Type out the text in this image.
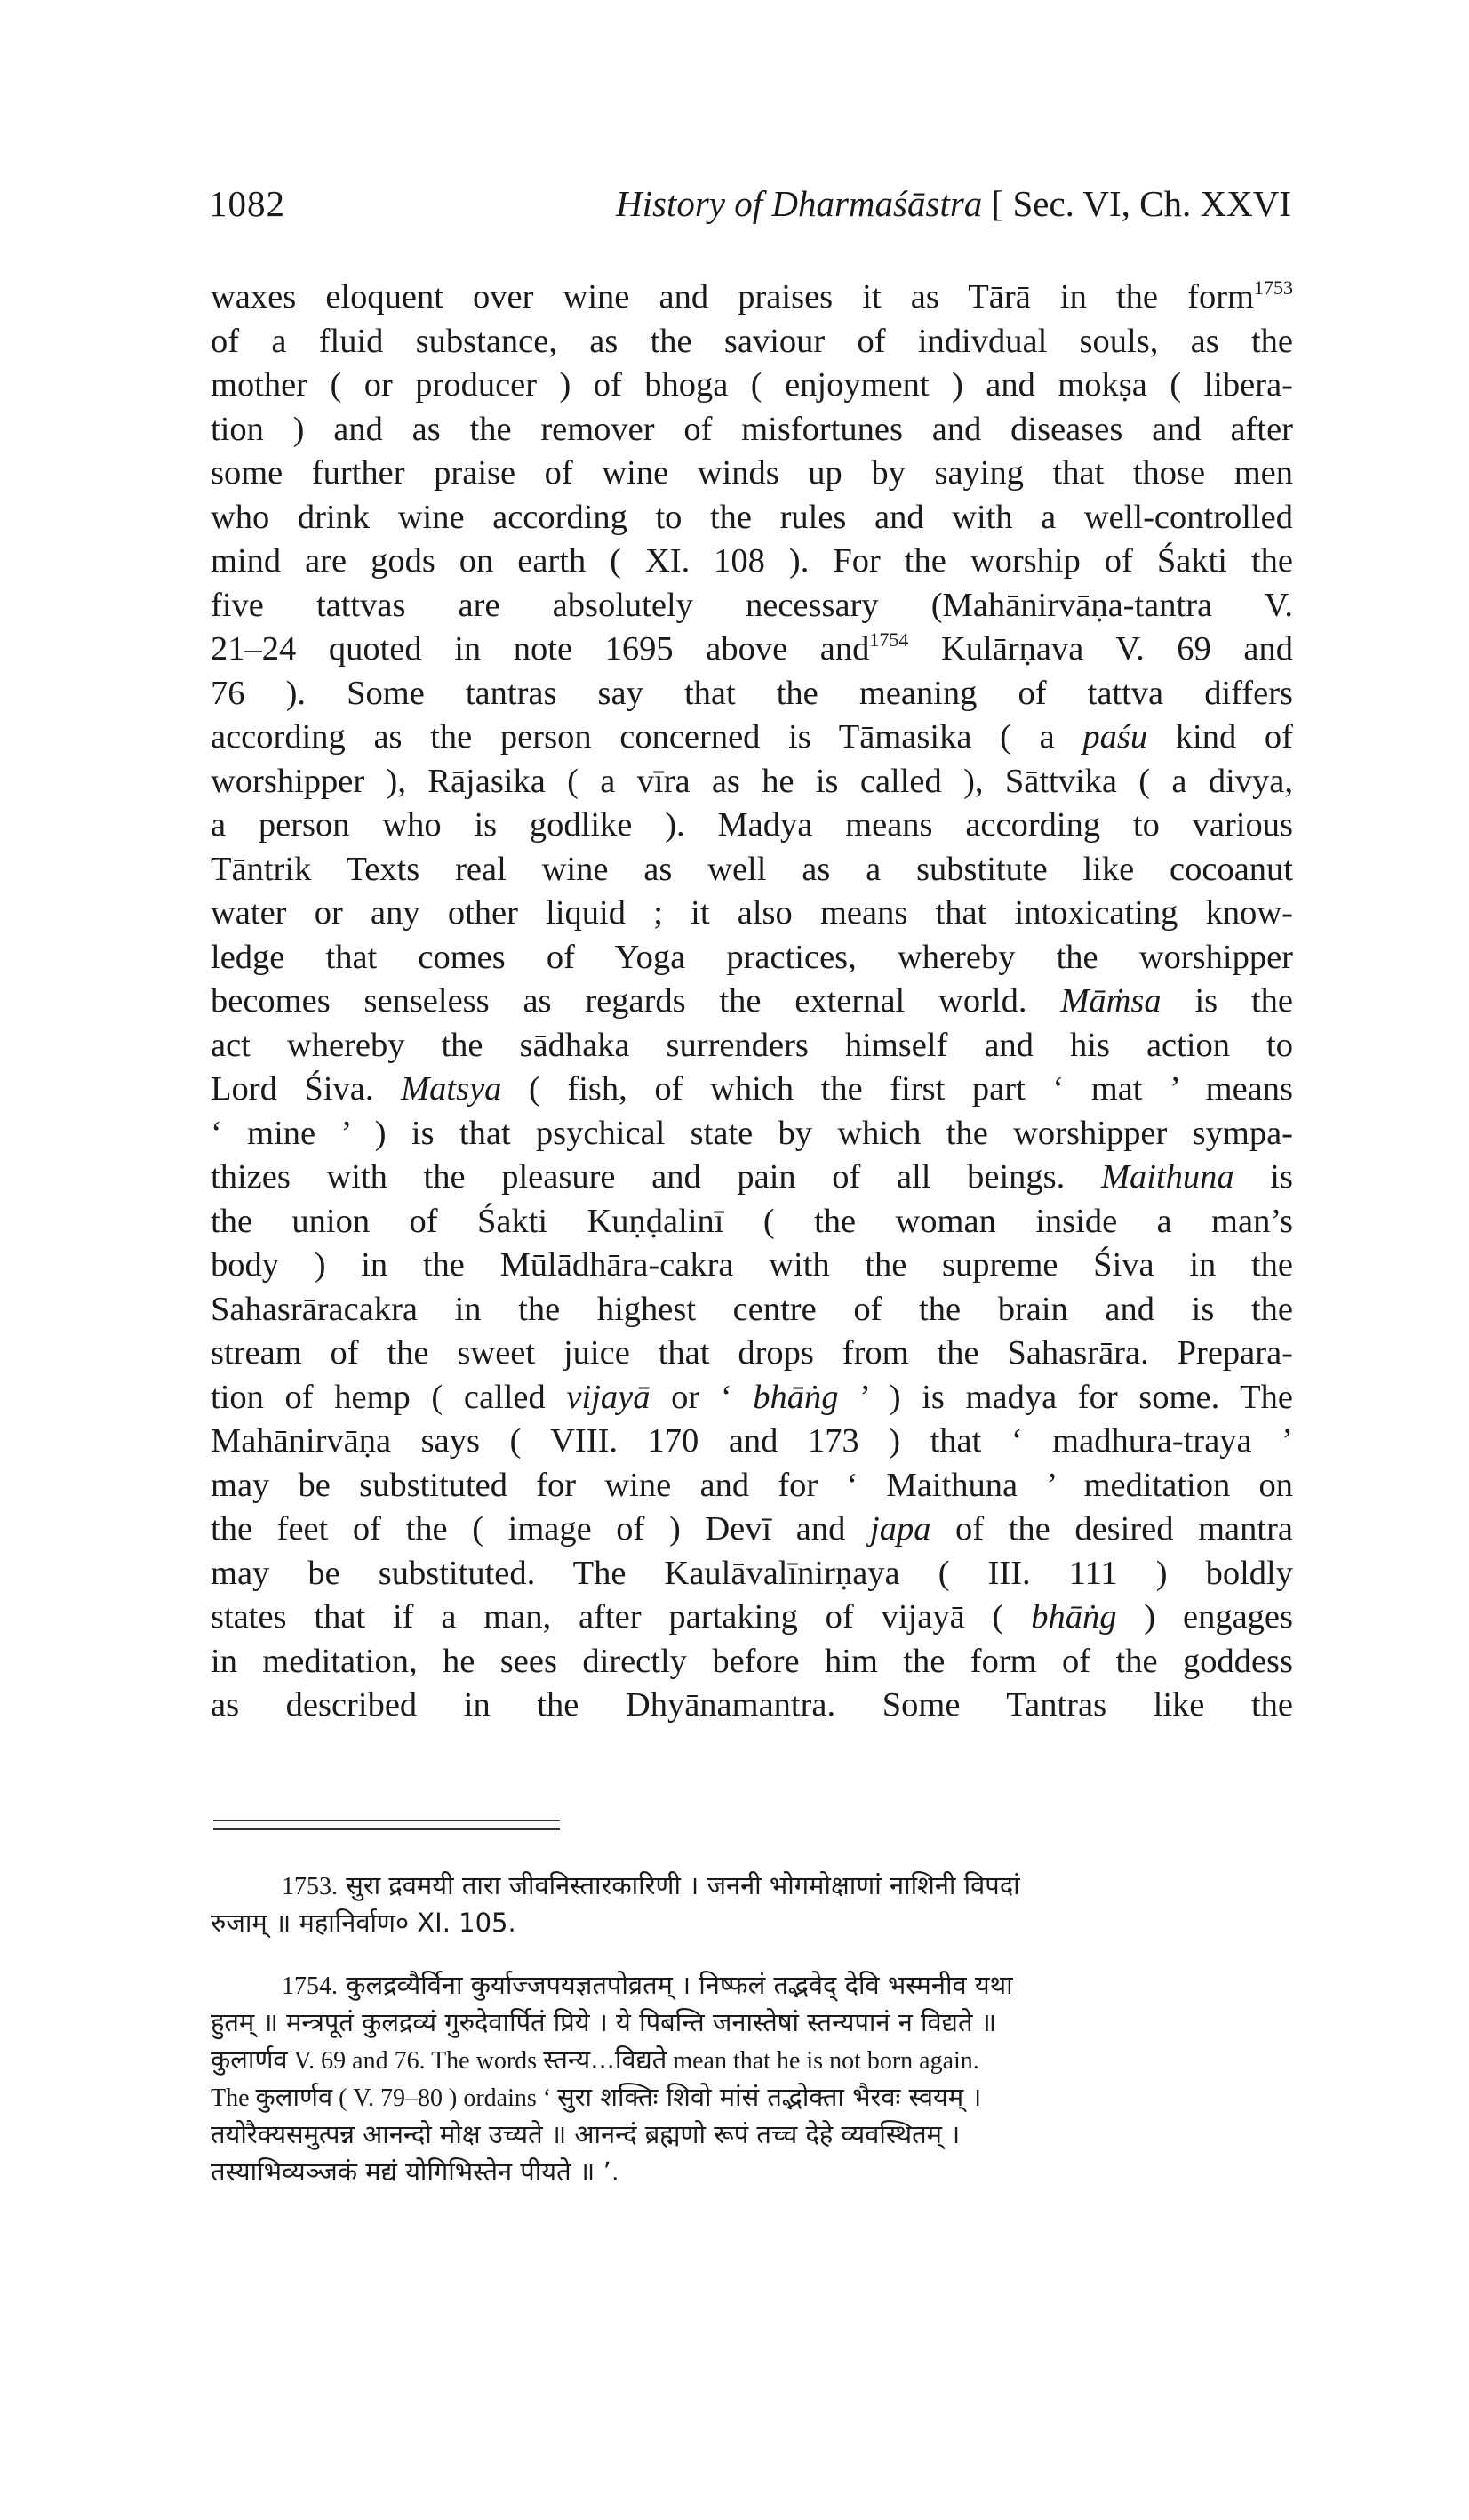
1082	History of Dharmaśāstra [ Sec. VI, Ch. XXVI
waxes eloquent over wine and praises it as Tārā in the form$^{1753}$
of a fluid substance, as the saviour of indivdual souls, as the
mother ( or producer ) of bhoga ( enjoyment ) and mokṣa ( libera-
tion ) and as the remover of misfortunes and diseases and after
some further praise of wine winds up by saying that those men
who drink wine according to the rules and with a well-controlled
mind are gods on earth ( XI. 108 ). For the worship of Śakti the
five tattvas are absolutely necessary (Mahānirvāṇa-tantra V.
21–24 quoted in note 1695 above and$^{1754}$ Kulārṇava V. 69 and
76 ). Some tantras say that the meaning of tattva differs
according as the person concerned is Tāmasika ( a paśu kind of
worshipper ), Rājasika ( a vīra as he is called ), Sāttvika ( a divya,
a person who is godlike ). Madya means according to various
Tāntrik Texts real wine as well as a substitute like cocoanut
water or any other liquid ; it also means that intoxicating know-
ledge that comes of Yoga practices, whereby the worshipper
becomes senseless as regards the external world. Māṁsa is the
act whereby the sādhaka surrenders himself and his action to
Lord Śiva. Matsya ( fish, of which the first part ‘ mat ’ means
‘ mine ’ ) is that psychical state by which the worshipper sympa-
thizes with the pleasure and pain of all beings. Maithuna is
the union of Śakti Kuṇḍalinī ( the woman inside a man’s
body ) in the Mūlādhāra-cakra with the supreme Śiva in the
Sahasrāracakra in the highest centre of the brain and is the
stream of the sweet juice that drops from the Sahasrāra. Prepara-
tion of hemp ( called vijayā or ‘ bhāṅg ’ ) is madya for some. The
Mahānirvāṇa says ( VIII. 170 and 173 ) that ‘ madhura-traya ’
may be substituted for wine and for ‘ Maithuna ’ meditation on
the feet of the ( image of ) Devī and japa of the desired mantra
may be substituted. The Kaulāvalīnirṇaya ( III. 111 ) boldly
states that if a man, after partaking of vijayā ( bhāṅg ) engages
in meditation, he sees directly before him the form of the goddess
as described in the Dhyānamantra. Some Tantras like the
1753. सुरा द्रवमयी तारा जीवनिस्तारकारिणी । जननी भोगमोक्षाणां नाशिनी विपदां
रुजाम् ॥ महानिर्वाण० XI. 105.
1754. कुलद्रव्यैर्विना कुर्याज्जपयज्ञतपोव्रतम् । निष्फलं तद्भवेद् देवि भस्मनीव यथा
हुतम् ॥ मन्त्रपूतं कुलद्रव्यं गुरुदेवार्पितं प्रिये । ये पिबन्ति जनास्तेषां स्तन्यपानं न विद्यते ॥
कुलार्णव V. 69 and 76. The words स्तन्य...विद्यते mean that he is not born again.
The कुलार्णव ( V. 79–80 ) ordains ‘ सुरा शक्तिः शिवो मांसं तद्भोक्ता भैरवः स्वयम् ।
तयोरैक्यसमुत्पन्न आनन्दो मोक्ष उच्यते ॥ आनन्दं ब्रह्मणो रूपं तच्च देहे व्यवस्थितम् ।
तस्याभिव्यञ्जकं मद्यं योगिभिस्तेन पीयते ॥ ’.
